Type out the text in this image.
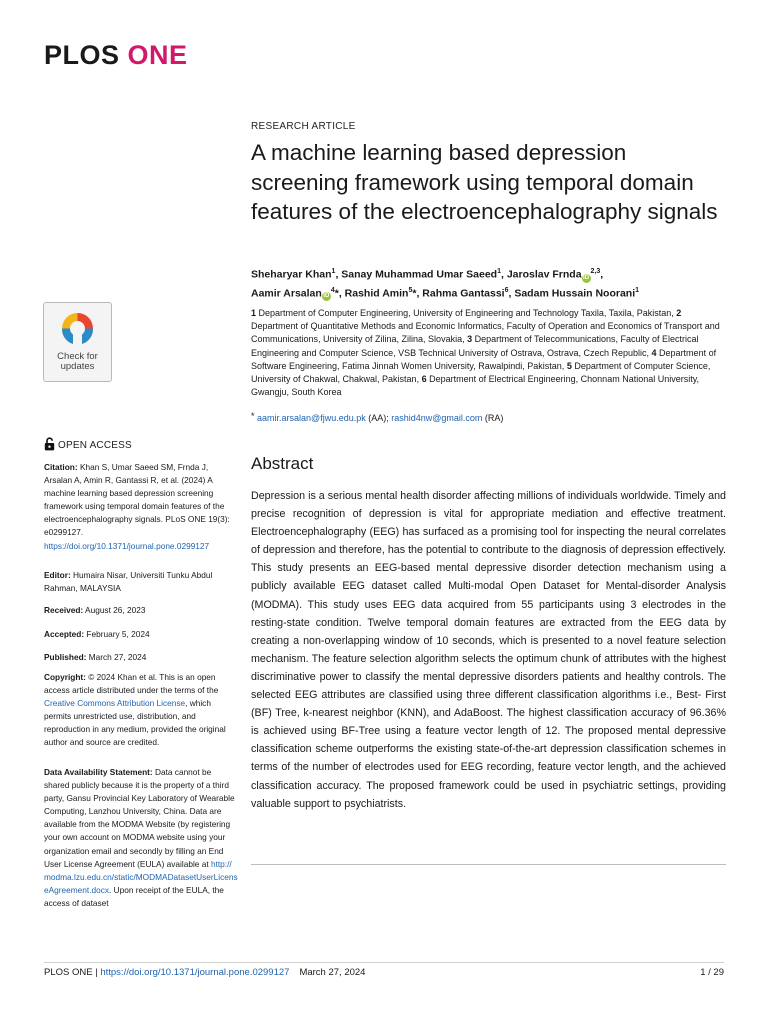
PLOS ONE
RESEARCH ARTICLE
A machine learning based depression screening framework using temporal domain features of the electroencephalography signals
Sheharyar Khan$^1$, Sanay Muhammad Umar Saeed$^1$, Jaroslav Frnda iD$^{2,3}$,
Aamir Arsalan $iD^4*$, Rashid Amin$^5$*, Rahma Gantassi$^6$, Sadam Hussain Noorani$^1$
1 Department of Computer Engineering, University of Engineering and Technology Taxila, Taxila, Pakistan, 2 Department of Quantitative Methods and Economic Informatics, Faculty of Operation and Economics of Transport and Communications, University of Zilina, Zilina, Slovakia, 3 Department of Telecommunications, Faculty of Electrical Engineering and Computer Science, VSB Technical University of Ostrava, Ostrava, Czech Republic, 4 Department of Software Engineering, Fatima Jinnah Women University, Rawalpindi, Pakistan, 5 Department of Computer Science, University of Chakwal, Chakwal, Pakistan, 6 Department of Electrical Engineering, Chonnam National University, Gwangju, South Korea
* aamir.arsalan@fjwu.edu.pk (AA); rashid4nw@gmail.com (RA)
Check for
updates
OPEN ACCESS
Citation: Khan S, Umar Saeed SM, Frnda J, Arsalan A, Amin R, Gantassi R, et al. (2024) A machine learning based depression screening framework using temporal domain features of the electroencephalography signals. PLoS ONE 19(3): e0299127. https://doi.org/10.1371/journal.pone.0299127
Editor: Humaira Nisar, Universiti Tunku Abdul Rahman, MALAYSIA
Received: August 26, 2023
Accepted: February 5, 2024
Published: March 27, 2024
Copyright: © 2024 Khan et al. This is an open access article distributed under the terms of the Creative Commons Attribution License, which permits unrestricted use, distribution, and reproduction in any medium, provided the original author and source are credited.
Data Availability Statement: Data cannot be shared publicly because it is the property of a third party, Gansu Provincial Key Laboratory of Wearable Computing, Lanzhou University, China. Data are available from the MODMA Website (by registering your own account on MODMA website using your organization email and secondly by filling an End User License Agreement (EULA) available at http://modma.lzu.edu.cn/static/MODMADatasetUserLicenseAgreement.docx. Upon receipt of the EULA, the access of dataset
Abstract
Depression is a serious mental health disorder affecting millions of individuals worldwide. Timely and precise recognition of depression is vital for appropriate mediation and effective treatment. Electroencephalography (EEG) has surfaced as a promising tool for inspecting the neural correlates of depression and therefore, has the potential to contribute to the diagnosis of depression effectively. This study presents an EEG-based mental depressive disorder detection mechanism using a publicly available EEG dataset called Multi-modal Open Dataset for Mental-disorder Analysis (MODMA). This study uses EEG data acquired from 55 participants using 3 electrodes in the resting-state condition. Twelve temporal domain features are extracted from the EEG data by creating a non-overlapping window of 10 seconds, which is presented to a novel feature selection mechanism. The feature selection algorithm selects the optimum chunk of attributes with the highest discriminative power to classify the mental depressive disorders patients and healthy controls. The selected EEG attributes are classified using three different classification algorithms i.e., Best- First (BF) Tree, k-nearest neighbor (KNN), and AdaBoost. The highest classification accuracy of 96.36% is achieved using BF-Tree using a feature vector length of 12. The proposed mental depressive classification scheme outperforms the existing state-of-the-art depression classification schemes in terms of the number of electrodes used for EEG recording, feature vector length, and the achieved classification accuracy. The proposed framework could be used in psychiatric settings, providing valuable support to psychiatrists.
PLOS ONE | https://doi.org/10.1371/journal.pone.0299127 March 27, 2024	1 / 29
